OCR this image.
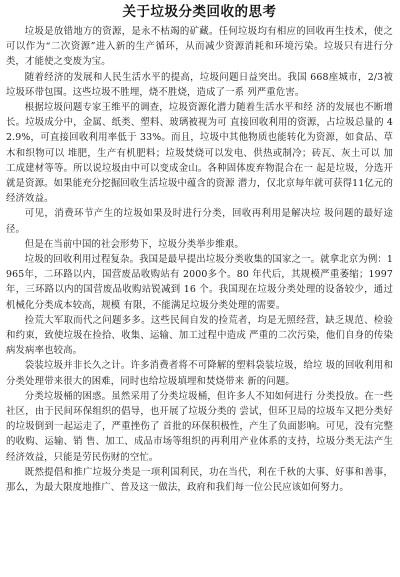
关于垃圾分类回收的思考

垃圾是放错地方的资源，是永不枯竭的矿藏。任何垃圾均有相应的回收再生技术，使之可以作为“二次资源”进入新的生产循环，从而减少资源消耗和环境污染。垃圾只有进行分类，才能使之变废为宝。

随着经济的发展和人民生活水平的提高，垃圾问题日益突出。我国 668座城市，2/3被垃圾环带包围。这些垃圾不胜埋，烧不胜烧，造成了一系 列严重危害。

根据垃圾问题专家王维平的调查，垃圾资源化潜力随着生活水平和经 济的发展也不断增长。垃圾成分中，金属、纸类、塑料、玻璃被视为可 直接回收利用的资源，占垃圾总量的 42.9%，可直接回收利用率低于 33%。而且，垃圾中其他物质也能转化为资源，如食品、草木和织物可以 堆肥，生产有机肥料；垃圾焚烧可以发电、供热或制冷；砖瓦、灰土可以 加工成建材等等。所以说垃圾由中可以变成金山。各种固体废弃物混合在一 起是垃圾，分选开就是资源。如果能充分挖掘回收生活垃圾中蕴含的资源 潜力，仅北京每年就可获得11亿元的经济效益。

可见，消费环节产生的垃圾如果及时进行分类，回收再利用是解决垃 圾问题的最好途径。

但是在当前中国的社会形势下，垃圾分类举步维艰。

垃圾的回收利用过程复杂。我国是最早提出垃圾分类收集的国家之一。就拿北京为例：1965年，二环路以内，国营废品收购站有 2000多个。80 年代后，其规模严重萎缩；1997年，三环路以内的国营废品收购站锐减到 16 个。我国现在垃圾分类处理的设备较少，通过机械化分类成本较高，规模 有限，不能满足垃圾分类处理的需要。

捡荒大军取而代之问题多多。这些民间自发的捡荒者，均是无照经营，缺乏规范、检验和约束，致使垃圾在捡拾、收集、运输、加工过程中造成 严重的二次污染，他们自身的传染病发病率也较高。

袋装垃圾并非长久之计。许多消费者将不可降解的塑料袋装垃圾，给垃 圾的回收利用和分类处理带来很大的困难，同时也给垃圾填埋和焚烧带来 新的问题。

分类垃圾桶的困惑。虽然采用了分类垃圾桶，但许多人不知如何进行 分类投放。在一些社区，由于民间环保组织的倡导，也开展了垃圾分类的 尝试，但环卫局的垃圾车又把分类好的垃圾倒到一起运走了，严重挫伤了 首批的环保积极性，产生了负面影响。可见，没有完整的收购、运输、销 售、加工、成品市场等组织的再利用产业体系的支持，垃圾分类无法产生 经济效益，只能是劳民伤财的空忙。

既然提倡和推广垃圾分类是一项利国利民，功在当代，利在千秋的大事、好事和善事，那么，为最大限度地推广、普及这一做法，政府和我们每一位公民应该如何努力。
